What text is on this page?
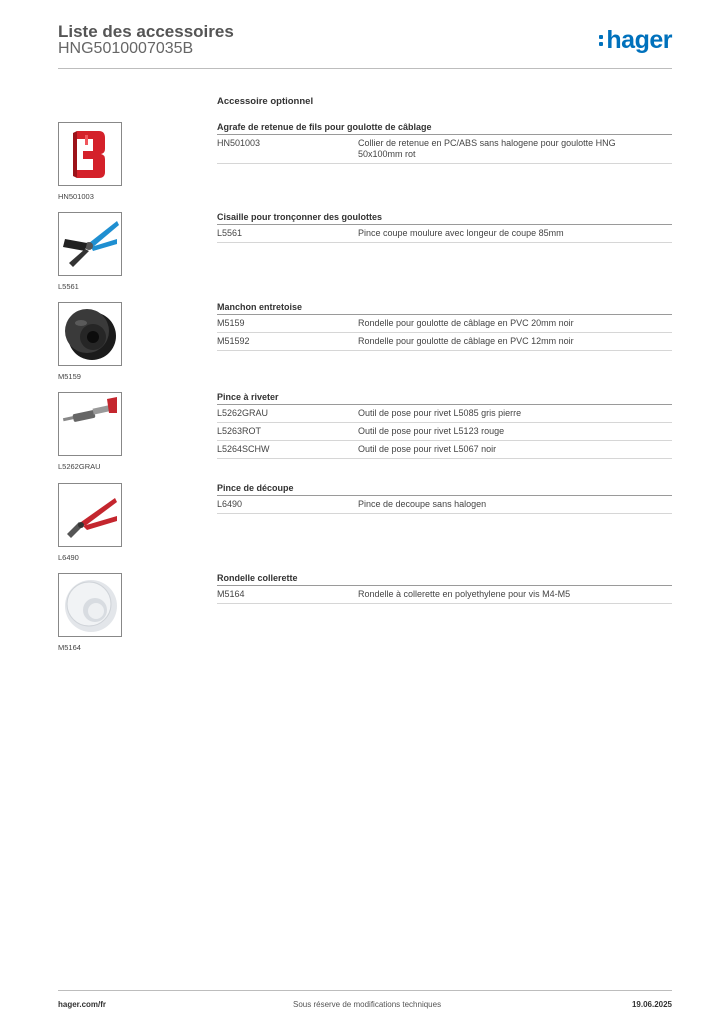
Liste des accessoires
HNG5010007035B	hager
Accessoire optionnel
HN501003
Agrafe de retenue de fils pour goulotte de câblage
HN501003	Collier de retenue en PC/ABS sans halogene pour goulotte HNG 50x100mm rot
L5561
Cisaille pour tronçonner des goulottes
L5561	Pince coupe moulure avec longeur de coupe 85mm
M5159
Manchon entretoise
M5159	Rondelle pour goulotte de câblage en PVC 20mm noir
M51592	Rondelle pour goulotte de câblage en PVC 12mm noir
L5262GRAU
Pince à riveter
L5262GRAU	Outil de pose pour rivet L5085 gris pierre
L5263ROT	Outil de pose pour rivet L5123 rouge
L5264SCHW	Outil de pose pour rivet L5067 noir
L6490
Pince de découpe
L6490	Pince de decoupe sans halogen
M5164
Rondelle collerette
M5164	Rondelle à collerette en polyethylene pour vis M4-M5
hager.com/fr	Sous réserve de modifications techniques	19.06.2025
